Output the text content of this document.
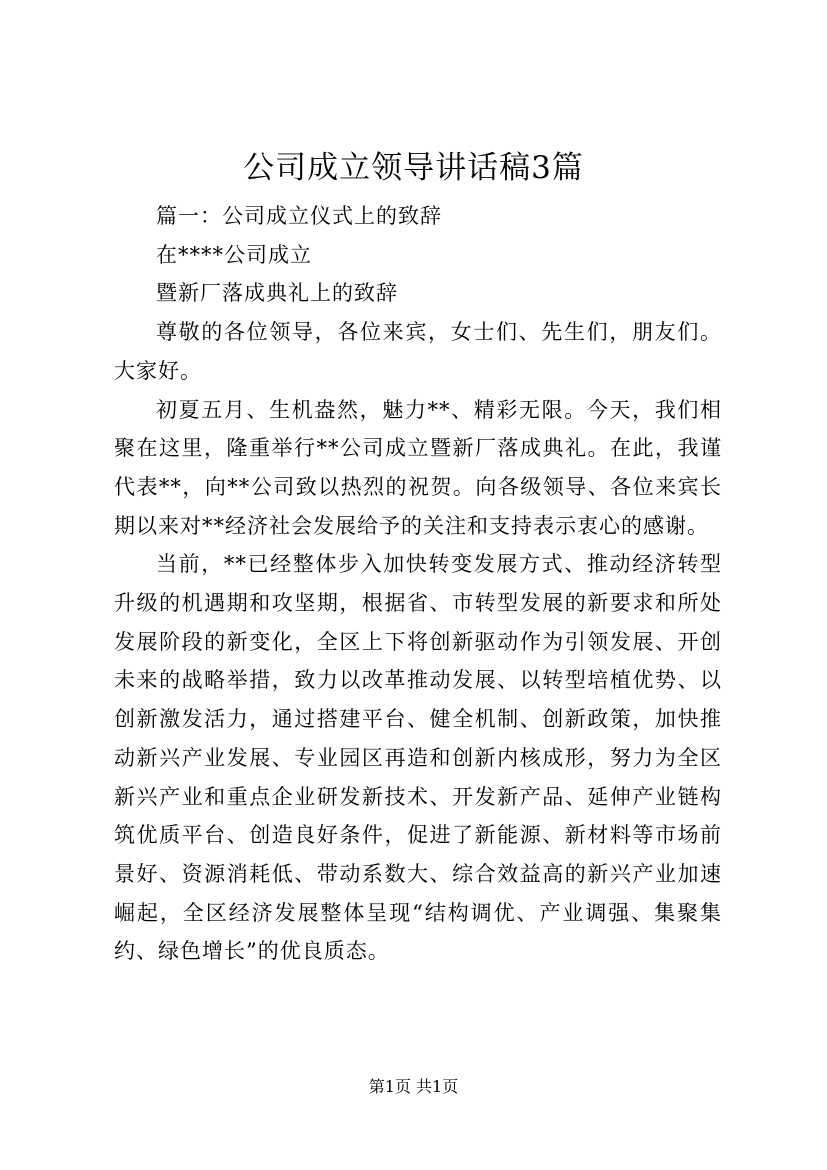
公司成立领导讲话稿3篇

篇一：公司成立仪式上的致辞

在****公司成立

暨新厂落成典礼上的致辞

尊敬的各位领导，各位来宾，女士们、先生们，朋友们。大家好。

初夏五月、生机盎然，魅力**、精彩无限。今天，我们相聚在这里，隆重举行**公司成立暨新厂落成典礼。在此，我谨代表**，向**公司致以热烈的祝贺。向各级领导、各位来宾长期以来对**经济社会发展给予的关注和支持表示衷心的感谢。

当前，**已经整体步入加快转变发展方式、推动经济转型升级的机遇期和攻坚期，根据省、市转型发展的新要求和所处发展阶段的新变化，全区上下将创新驱动作为引领发展、开创未来的战略举措，致力以改革推动发展、以转型培植优势、以创新激发活力，通过搭建平台、健全机制、创新政策，加快推动新兴产业发展、专业园区再造和创新内核成形，努力为全区新兴产业和重点企业研发新技术、开发新产品、延伸产业链构筑优质平台、创造良好条件，促进了新能源、新材料等市场前景好、资源消耗低、带动系数大、综合效益高的新兴产业加速崛起，全区经济发展整体呈现“结构调优、产业调强、集聚集约、绿色增长”的优良质态。

第1页 共1页
